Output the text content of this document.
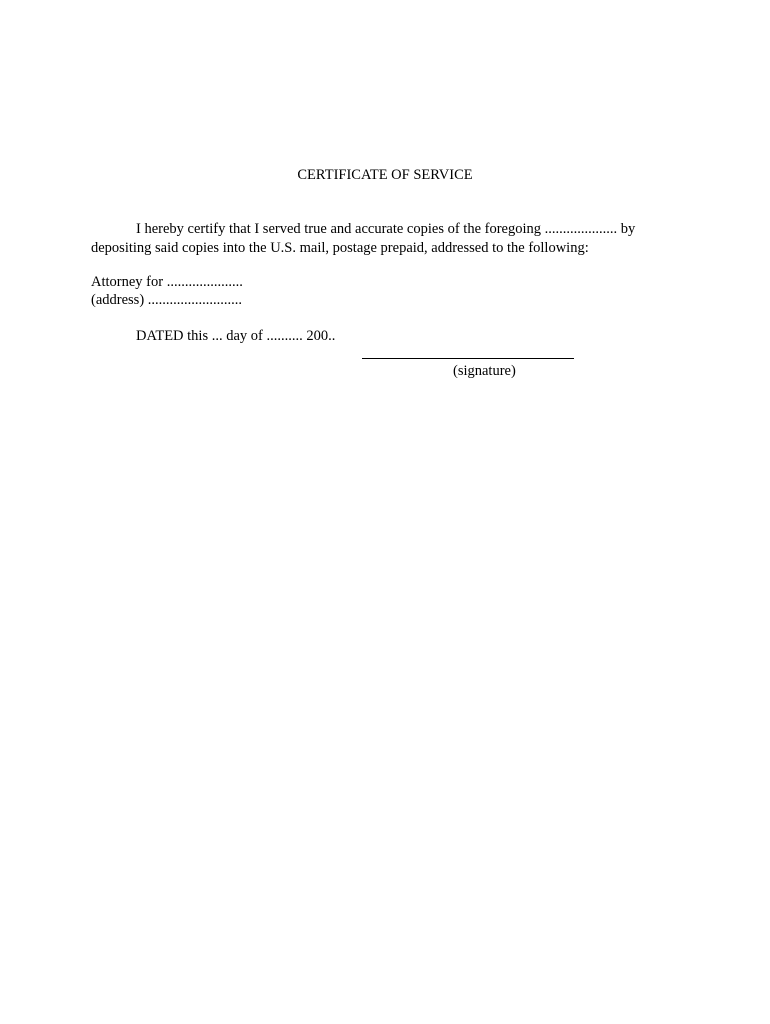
CERTIFICATE OF SERVICE
I hereby certify that I served true and accurate copies of the foregoing .................... by
depositing said copies into the U.S. mail, postage prepaid, addressed to the following:
Attorney for .....................
(address) ..........................
DATED this ... day of .......... 200..
(signature)
